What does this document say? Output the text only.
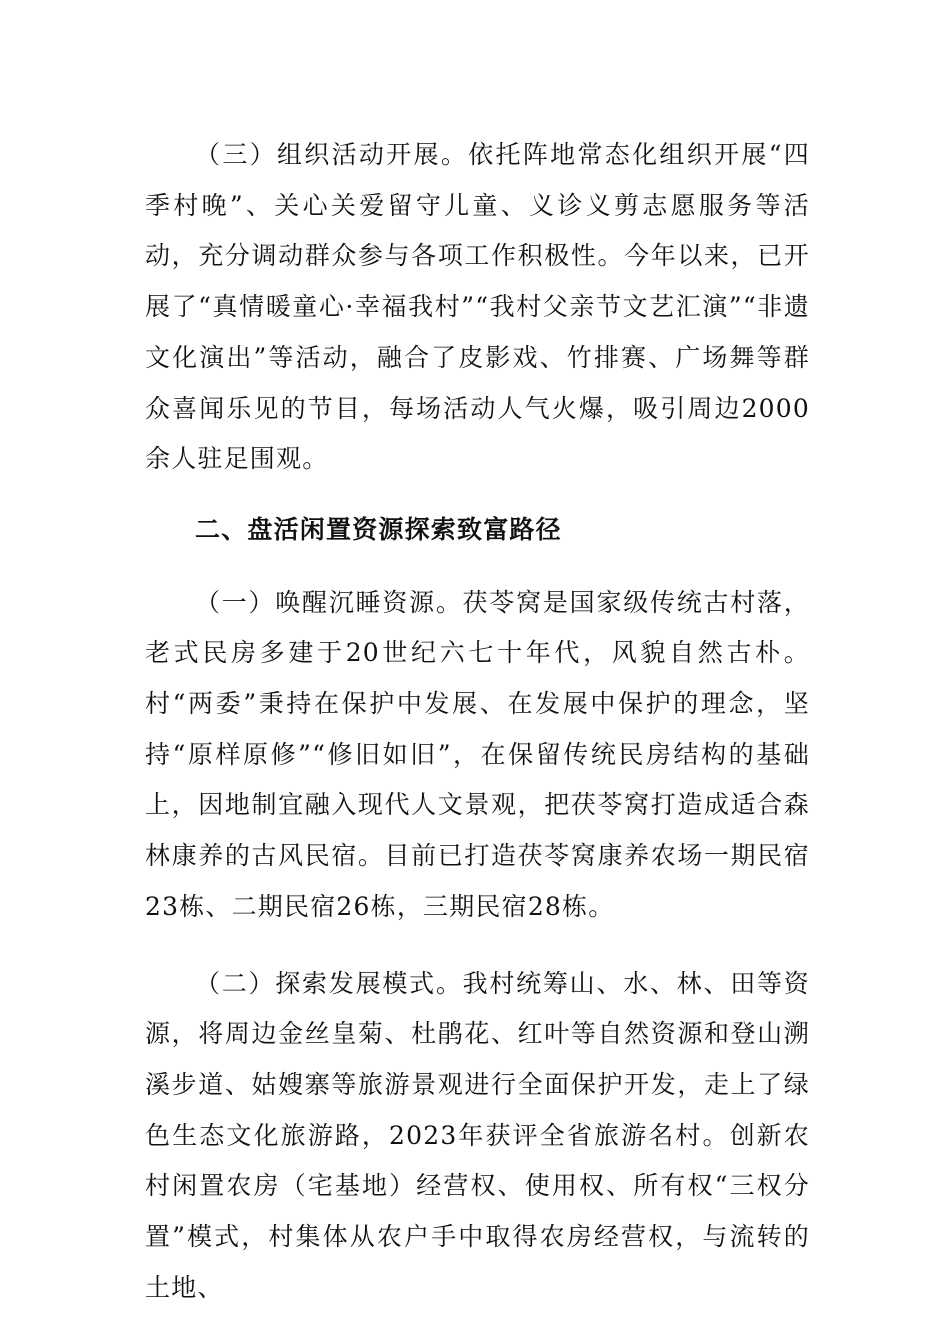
（三）组织活动开展。依托阵地常态化组织开展“四季村晚”、关心关爱留守儿童、义诊义剪志愿服务等活动，充分调动群众参与各项工作积极性。今年以来，已开展了“真情暖童心·幸福我村”“我村父亲节文艺汇演”“非遗文化演出”等活动，融合了皮影戏、竹排赛、广场舞等群众喜闻乐见的节目，每场活动人气火爆，吸引周边2000余人驻足围观。

二、盘活闲置资源探索致富路径

（一）唤醒沉睡资源。茯苓窝是国家级传统古村落，老式民房多建于20世纪六七十年代，风貌自然古朴。村“两委”秉持在保护中发展、在发展中保护的理念，坚持“原样原修”“修旧如旧”，在保留传统民房结构的基础上，因地制宜融入现代人文景观，把茯苓窝打造成适合森林康养的古风民宿。目前已打造茯苓窝康养农场一期民宿23栋、二期民宿26栋，三期民宿28栋。

（二）探索发展模式。我村统筹山、水、林、田等资源，将周边金丝皇菊、杜鹃花、红叶等自然资源和登山溯溪步道、姑嫂寨等旅游景观进行全面保护开发，走上了绿色生态文化旅游路，2023年获评全省旅游名村。创新农村闲置农房（宅基地）经营权、使用权、所有权“三权分置”模式，村集体从农户手中取得农房经营权，与流转的土地、
